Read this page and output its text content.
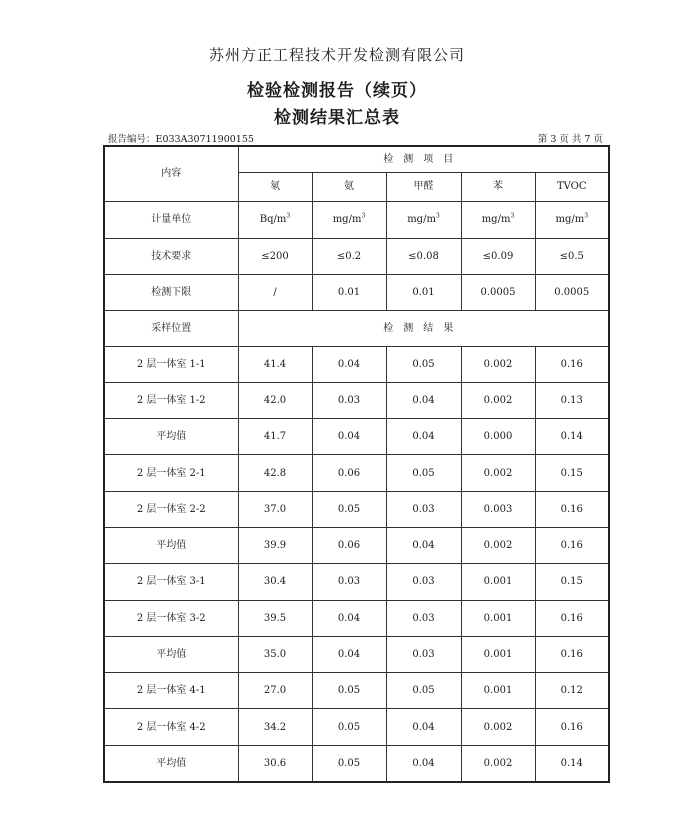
苏州方正工程技术开发检测有限公司
检验检测报告（续页）
检测结果汇总表
报告编号：E033A30711900155	第 3 页 共 7 页
内容	检测项目				
	氡	氨	甲醛	苯	TVOC
计量单位	$Bq/m^3$	$mg/m^3$	$mg/m^3$	$mg/m^3$	$mg/m^3$
技术要求	≤200	≤0.2	≤0.08	≤0.09	≤0.5
检测下限	/	0.01	0.01	0.0005	0.0005
采样位置	检测结果				
2 层一体室 1-1	41.4	0.04	0.05	0.002	0.16
2 层一体室 1-2	42.0	0.03	0.04	0.002	0.13
平均值	41.7	0.04	0.04	0.000	0.14
2 层一体室 2-1	42.8	0.06	0.05	0.002	0.15
2 层一体室 2-2	37.0	0.05	0.03	0.003	0.16
平均值	39.9	0.06	0.04	0.002	0.16
2 层一体室 3-1	30.4	0.03	0.03	0.001	0.15
2 层一体室 3-2	39.5	0.04	0.03	0.001	0.16
平均值	35.0	0.04	0.03	0.001	0.16
2 层一体室 4-1	27.0	0.05	0.05	0.001	0.12
2 层一体室 4-2	34.2	0.05	0.04	0.002	0.16
平均值	30.6	0.05	0.04	0.002	0.14
